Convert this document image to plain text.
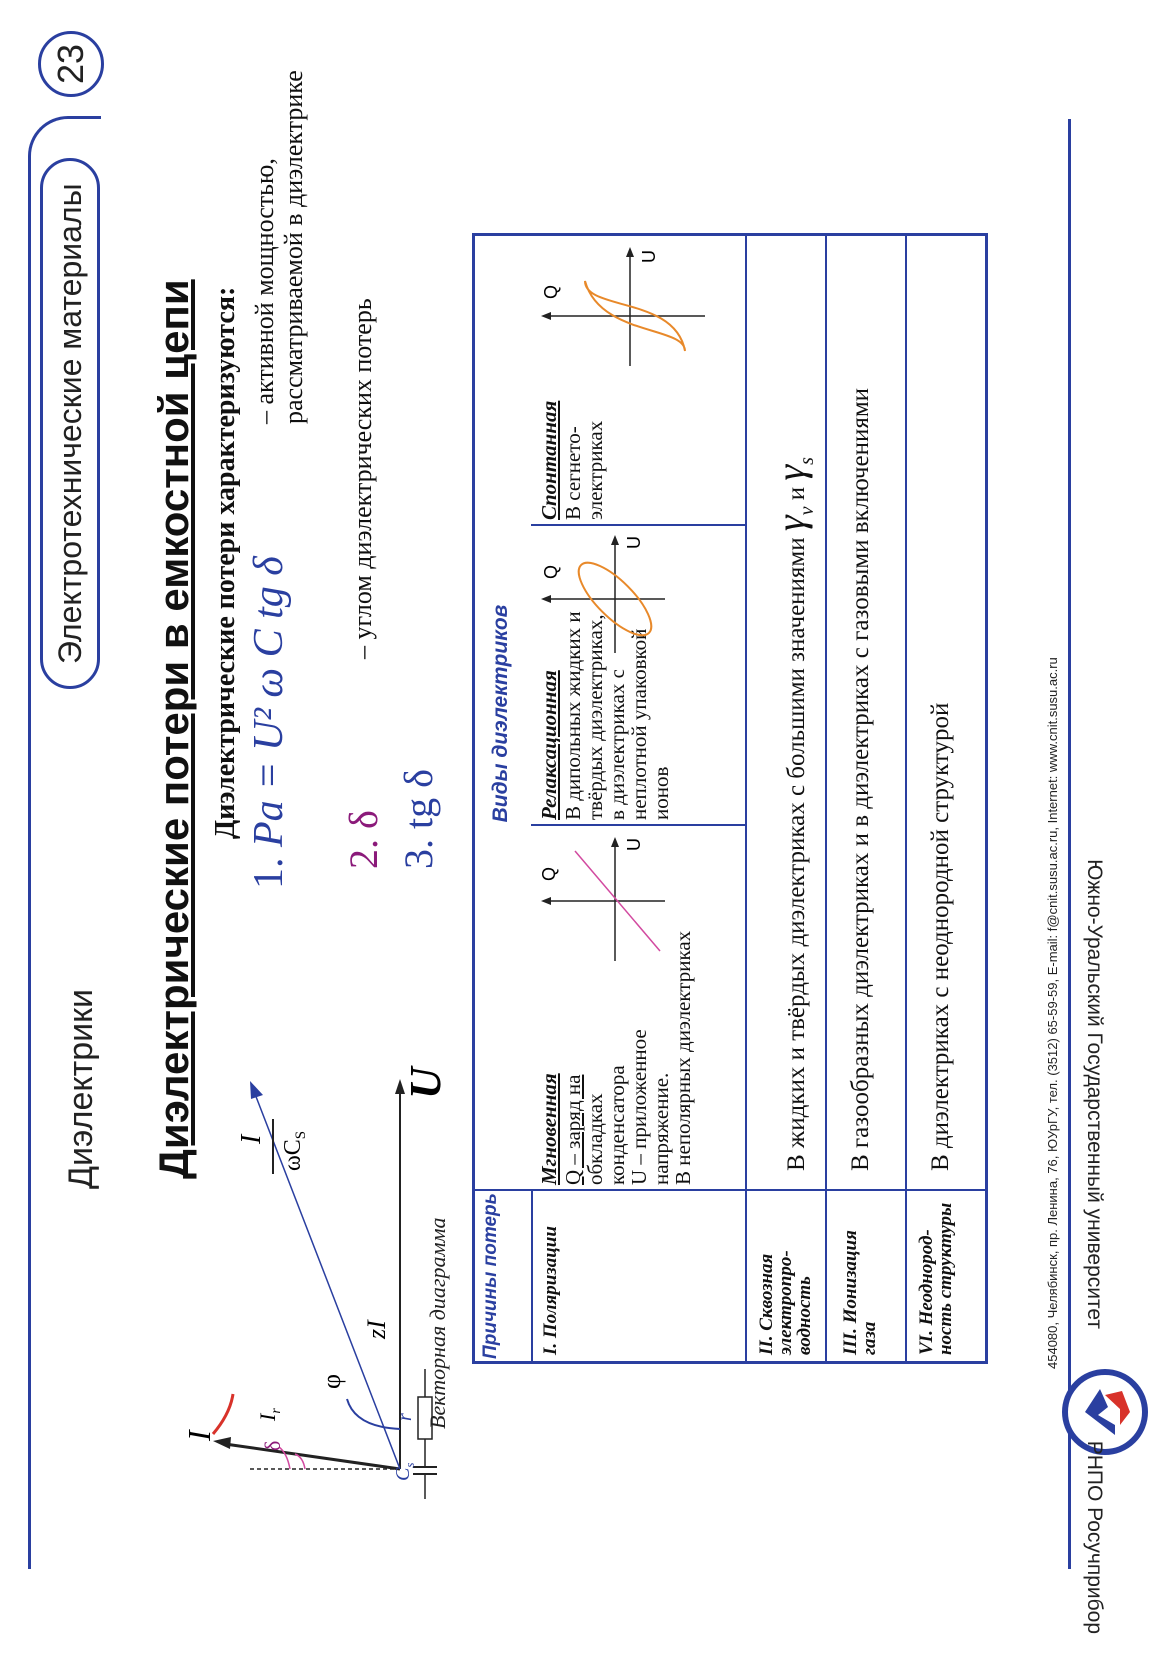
Диэлектрики
Электротехнические материалы
23
Диэлектрические потери в емкостной цепи
δ
I
$I_r$
φ
zI
I $\omega C_S$
U
$C_s$
r Векторная диаграмма
Диэлектрические потери характеризуются:
1. Pa = U² ω C tg δ
– активной мощностью, рассматриваемой в диэлектрике
2. δ
– углом диэлектрических потерь
3. tg δ
Причины потерь
Виды диэлектриков
I. Поляризации
Мгновенная Q – заряд на
обкладках
конденсатора
U – приложенное
напряжение.
В неполярных диэлектриках
Q
U
Релаксационная В дипольных жидких и
твёрдых диэлектриках,
в диэлектриках с
неплотной упаковкой
ионов
Q
U
Спонтанная В сегнето-
электриках
Q
U
II. Сквозная электропро-водность
В жидких и твёрдых диэлектриках с большими значениями $\gamma_v$ и $\gamma_s$
III. Ионизация газа
В газообразных диэлектриках и в диэлектриках с газовыми включениями
VI. Неоднород-ность структуры
В диэлектриках с неоднородной структурой	454080, Челябинск, пр. Ленина, 76, ЮУрГУ, тел. (3512) 65-59-59, E-mail: f@cnit.susu.ac.ru, Internet: www.cnit.susu.ac.ru
РНПО Росучприбор
Южно-Уральский Государственный университет
